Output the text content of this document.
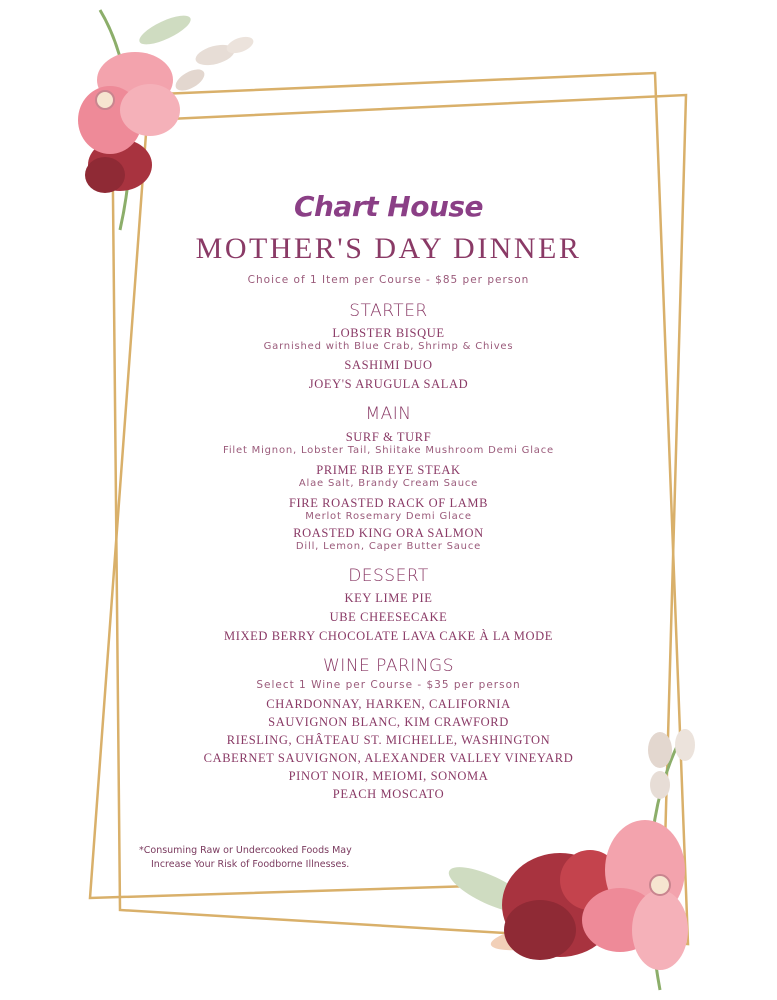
Chart House
MOTHER'S DAY DINNER
Choice of 1 Item per Course - $85 per person
STARTER
LOBSTER BISQUE
Garnished with Blue Crab, Shrimp & Chives
SASHIMI DUO
JOEY'S ARUGULA SALAD
MAIN
SURF & TURF
Filet Mignon, Lobster Tail, Shiitake Mushroom Demi Glace
PRIME RIB EYE STEAK
Alae Salt, Brandy Cream Sauce
FIRE ROASTED RACK OF LAMB
Merlot Rosemary Demi Glace
ROASTED KING ORA SALMON
Dill, Lemon, Caper Butter Sauce
DESSERT
KEY LIME PIE
UBE CHEESECAKE
MIXED BERRY CHOCOLATE LAVA CAKE À LA MODE
WINE PARINGS
Select 1 Wine per Course - $35 per person
CHARDONNAY, HARKEN, CALIFORNIA
SAUVIGNON BLANC, KIM CRAWFORD
RIESLING, CHÂTEAU ST. MICHELLE, WASHINGTON
CABERNET SAUVIGNON, ALEXANDER VALLEY VINEYARD
PINOT NOIR, MEIOMI, SONOMA
PEACH MOSCATO
*Consuming Raw or Undercooked Foods May
Increase Your Risk of Foodborne Illnesses.
